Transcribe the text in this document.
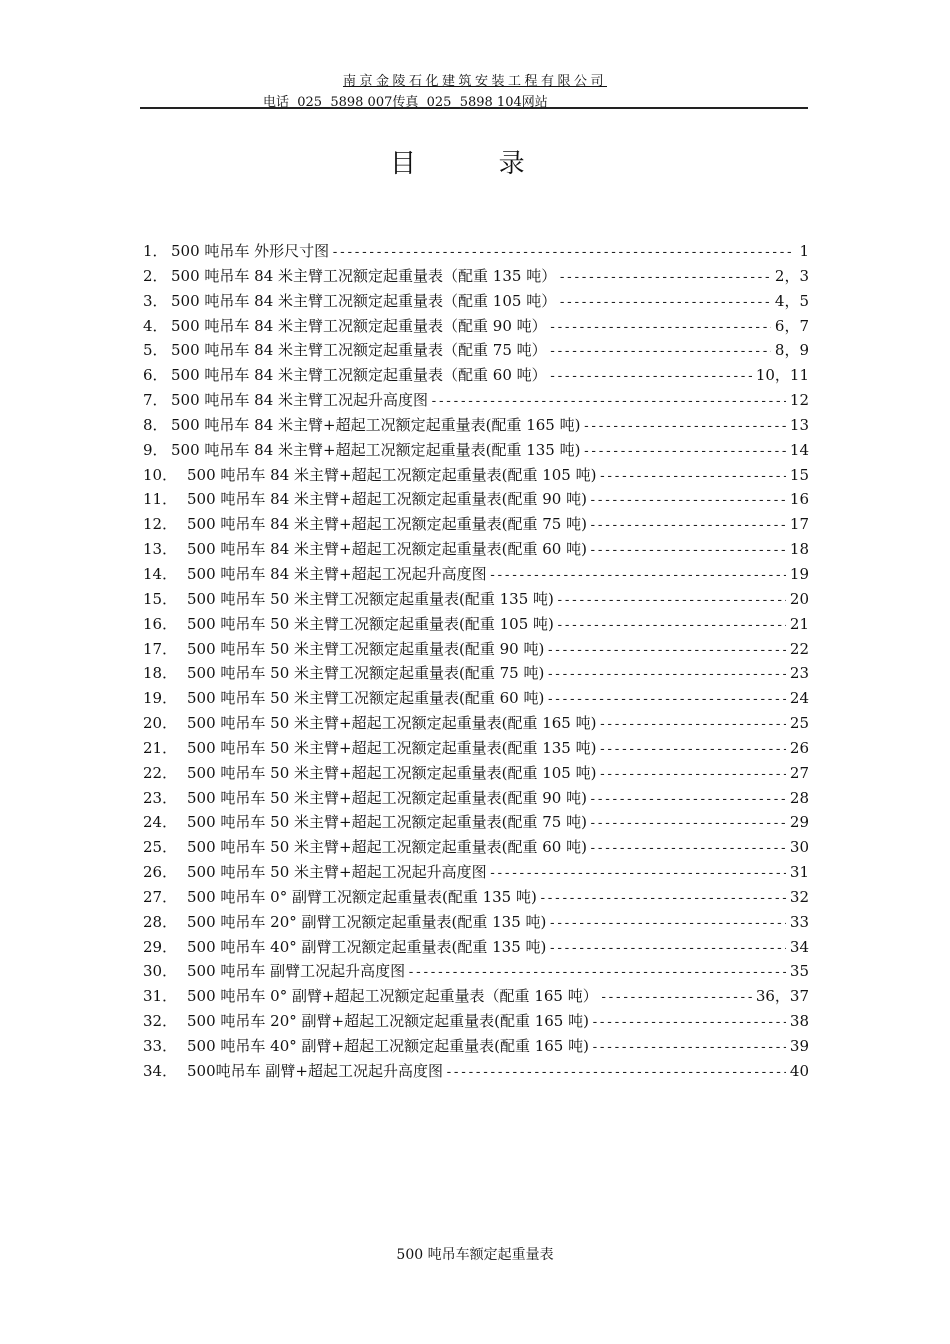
南京金陵石化建筑安装工程有限公司
电话  025  5898 007传真  025  5898 104网站
目          录
1． 500 吨吊车 外形尺寸图 -----	1
2． 500 吨吊车 84 米主臂工况额定起重量表（配重 135 吨） -----	2，3
3． 500 吨吊车 84 米主臂工况额定起重量表（配重 105 吨） -----	4，5
4． 500 吨吊车 84 米主臂工况额定起重量表（配重 90 吨） -----	6，7
5． 500 吨吊车 84 米主臂工况额定起重量表（配重 75 吨） -----	8，9
6． 500 吨吊车 84 米主臂工况额定起重量表（配重 60 吨） -----	10，11
7． 500 吨吊车 84 米主臂工况起升高度图 -----	12
8． 500 吨吊车 84 米主臂+超起工况额定起重量表(配重 165 吨) -----	13
9． 500 吨吊车 84 米主臂+超起工况额定起重量表(配重 135 吨) -----	14
10． 500 吨吊车 84 米主臂+超起工况额定起重量表(配重 105 吨) -----	15
11． 500 吨吊车 84 米主臂+超起工况额定起重量表(配重 90 吨) -----	16
12． 500 吨吊车 84 米主臂+超起工况额定起重量表(配重 75 吨) -----	17
13． 500 吨吊车 84 米主臂+超起工况额定起重量表(配重 60 吨) -----	18
14． 500 吨吊车 84 米主臂+超起工况起升高度图 -----	19
15． 500 吨吊车 50 米主臂工况额定起重量表(配重 135 吨) -----	20
16． 500 吨吊车 50 米主臂工况额定起重量表(配重 105 吨) -----	21
17． 500 吨吊车 50 米主臂工况额定起重量表(配重 90 吨) -----	22
18． 500 吨吊车 50 米主臂工况额定起重量表(配重 75 吨) -----	23
19． 500 吨吊车 50 米主臂工况额定起重量表(配重 60 吨) -----	24
20． 500 吨吊车 50 米主臂+超起工况额定起重量表(配重 165 吨) -----	25
21． 500 吨吊车 50 米主臂+超起工况额定起重量表(配重 135 吨) -----	26
22． 500 吨吊车 50 米主臂+超起工况额定起重量表(配重 105 吨) -----	27
23． 500 吨吊车 50 米主臂+超起工况额定起重量表(配重 90 吨) -----	28
24． 500 吨吊车 50 米主臂+超起工况额定起重量表(配重 75 吨) -----	29
25． 500 吨吊车 50 米主臂+超起工况额定起重量表(配重 60 吨) -----	30
26． 500 吨吊车 50 米主臂+超起工况起升高度图 -----	31
27． 500 吨吊车 0° 副臂工况额定起重量表(配重 135 吨) -----	32
28． 500 吨吊车 20° 副臂工况额定起重量表(配重 135 吨) -----	33
29． 500 吨吊车 40° 副臂工况额定起重量表(配重 135 吨) -----	34
30． 500 吨吊车 副臂工况起升高度图 -----	35
31． 500 吨吊车 0° 副臂+超起工况额定起重量表（配重 165 吨） -----	36，37
32． 500 吨吊车 20° 副臂+超起工况额定起重量表(配重 165 吨) -----	38
33． 500 吨吊车 40° 副臂+超起工况额定起重量表(配重 165 吨) -----	39
34． 500吨吊车 副臂+超起工况起升高度图 -----	40
500 吨吊车额定起重量表
